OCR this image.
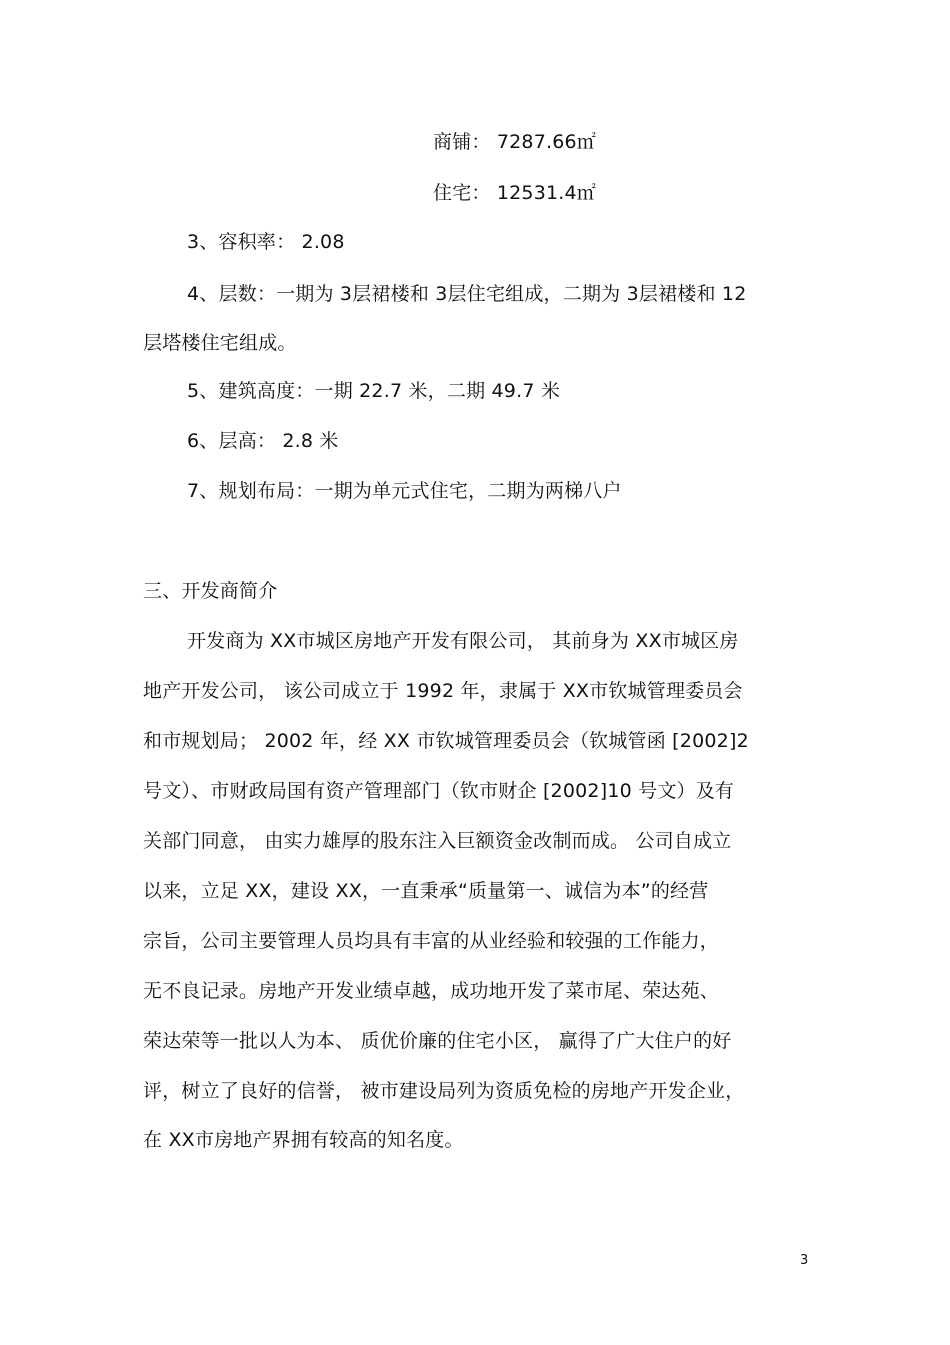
商铺： 7287.66㎡
住宅： 12531.4㎡
3、容积率： 2.08
4、层数：一期为 3层裙楼和 3层住宅组成，二期为 3层裙楼和 12
层塔楼住宅组成。
5、建筑高度：一期 22.7 米，二期 49.7 米
6、层高： 2.8 米
7、规划布局：一期为单元式住宅，二期为两梯八户
三、开发商简介
开发商为 XX市城区房地产开发有限公司， 其前身为 XX市城区房
地产开发公司， 该公司成立于 1992 年，隶属于 XX市钦城管理委员会
和市规划局； 2002 年，经 XX 市钦城管理委员会（钦城管函 [2002]2
号文）、市财政局国有资产管理部门（钦市财企 [2002]10 号文）及有
关部门同意， 由实力雄厚的股东注入巨额资金改制而成。 公司自成立
以来，立足 XX，建设 XX，一直秉承“质量第一、诚信为本”的经营
宗旨，公司主要管理人员均具有丰富的从业经验和较强的工作能力，
无不良记录。房地产开发业绩卓越，成功地开发了菜市尾、荣达苑、
荣达荣等一批以人为本、 质优价廉的住宅小区， 赢得了广大住户的好
评，树立了良好的信誉， 被市建设局列为资质免检的房地产开发企业，
在 XX市房地产界拥有较高的知名度。
3
